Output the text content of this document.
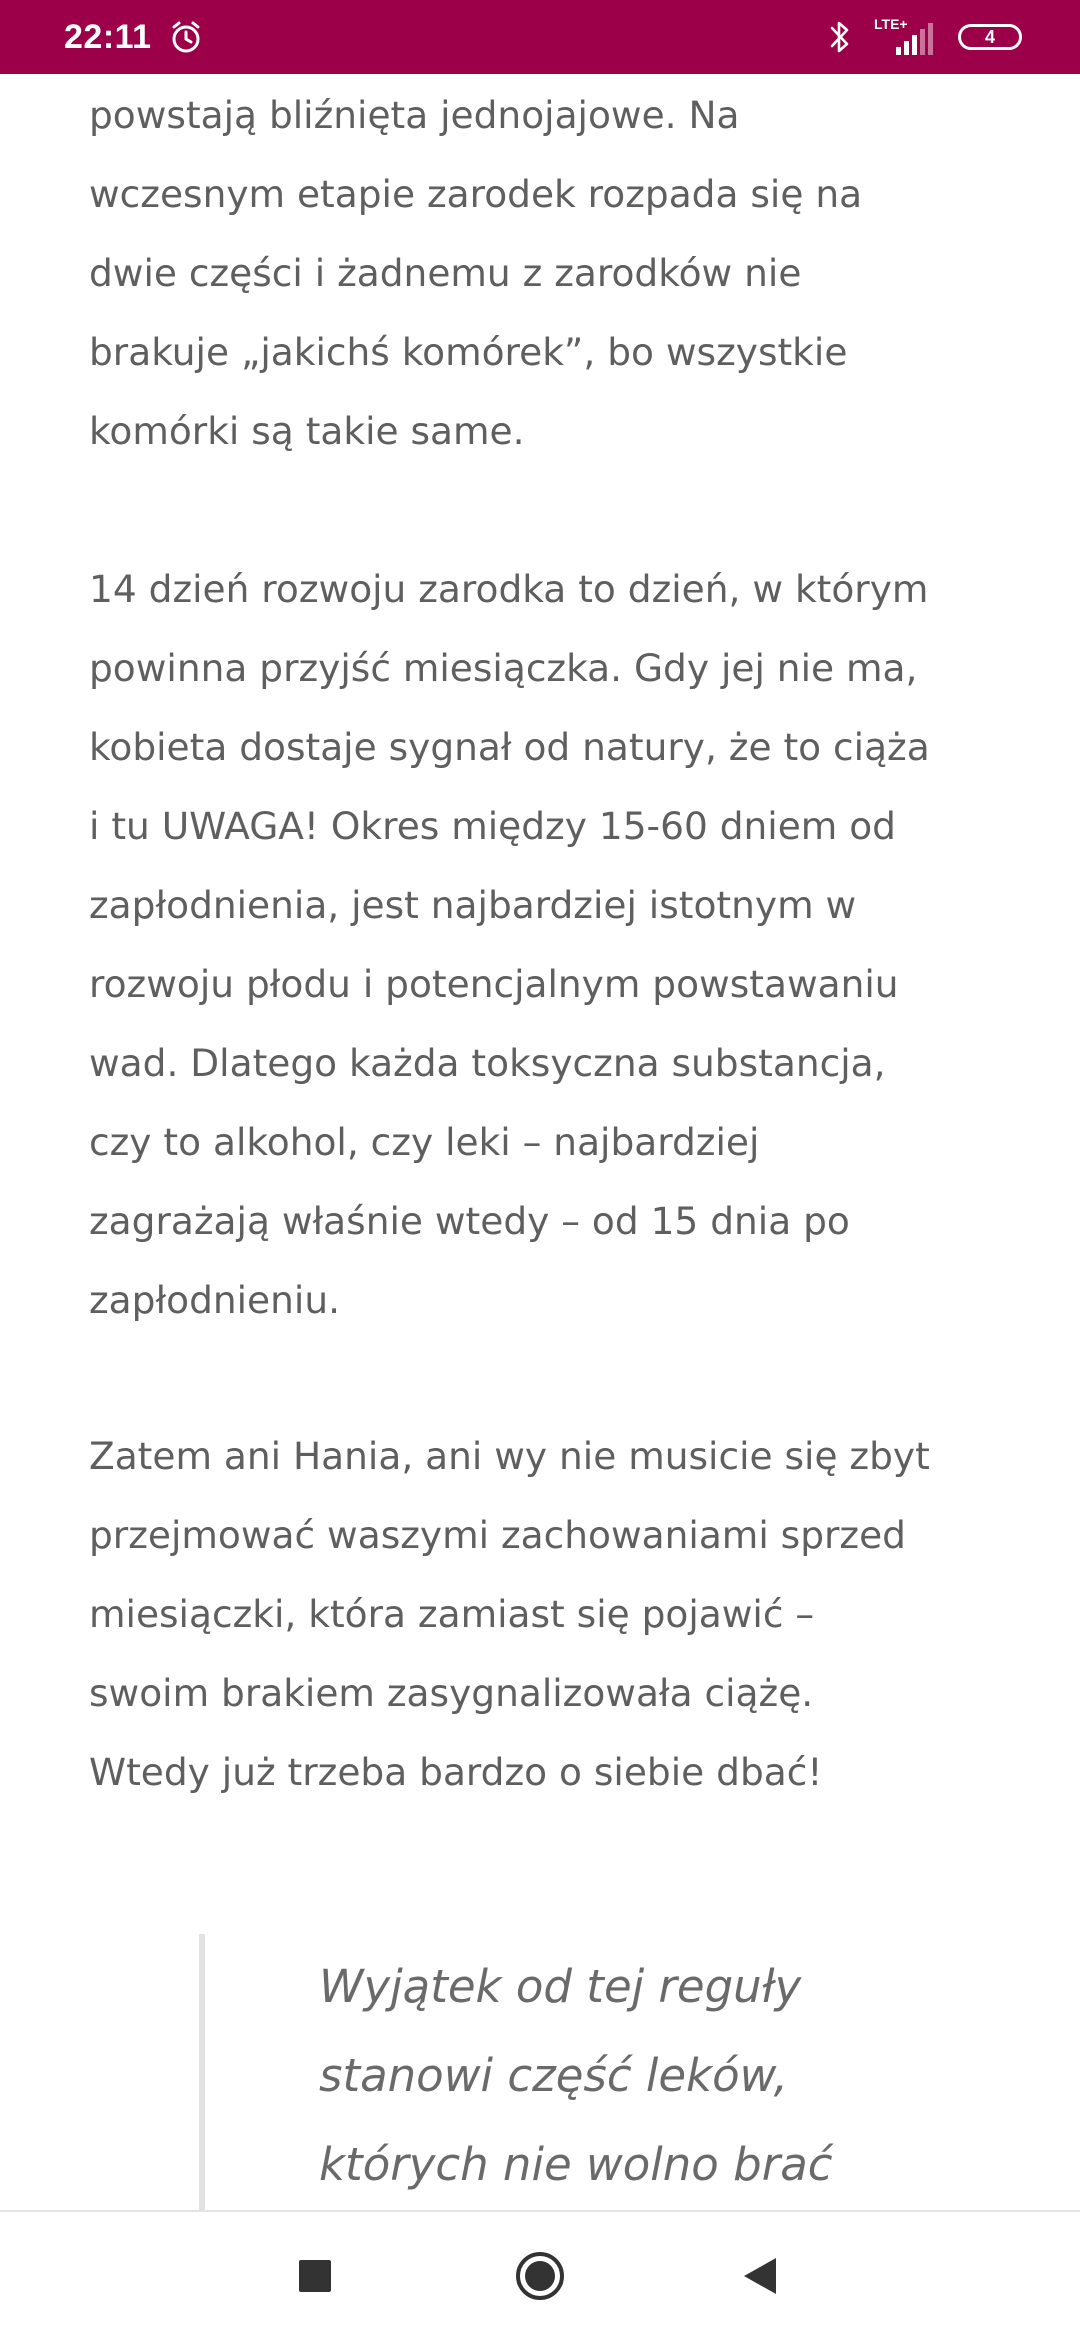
22:11	LTE+
4

powstają bliźnięta jednojajowe. Na
wczesnym etapie zarodek rozpada się na
dwie części i żadnemu z zarodków nie
brakuje „jakichś komórek”, bo wszystkie
komórki są takie same.

14 dzień rozwoju zarodka to dzień, w którym
powinna przyjść miesiączka. Gdy jej nie ma,
kobieta dostaje sygnał od natury, że to ciąża
i tu UWAGA! Okres między 15-60 dniem od
zapłodnienia, jest najbardziej istotnym w
rozwoju płodu i potencjalnym powstawaniu
wad. Dlatego każda toksyczna substancja,
czy to alkohol, czy leki – najbardziej
zagrażają właśnie wtedy – od 15 dnia po
zapłodnieniu.

Zatem ani Hania, ani wy nie musicie się zbyt
przejmować waszymi zachowaniami sprzed
miesiączki, która zamiast się pojawić –
swoim brakiem zasygnalizowała ciążę.
Wtedy już trzeba bardzo o siebie dbać!

Wyjątek od tej reguły
stanowi część leków,
których nie wolno brać
